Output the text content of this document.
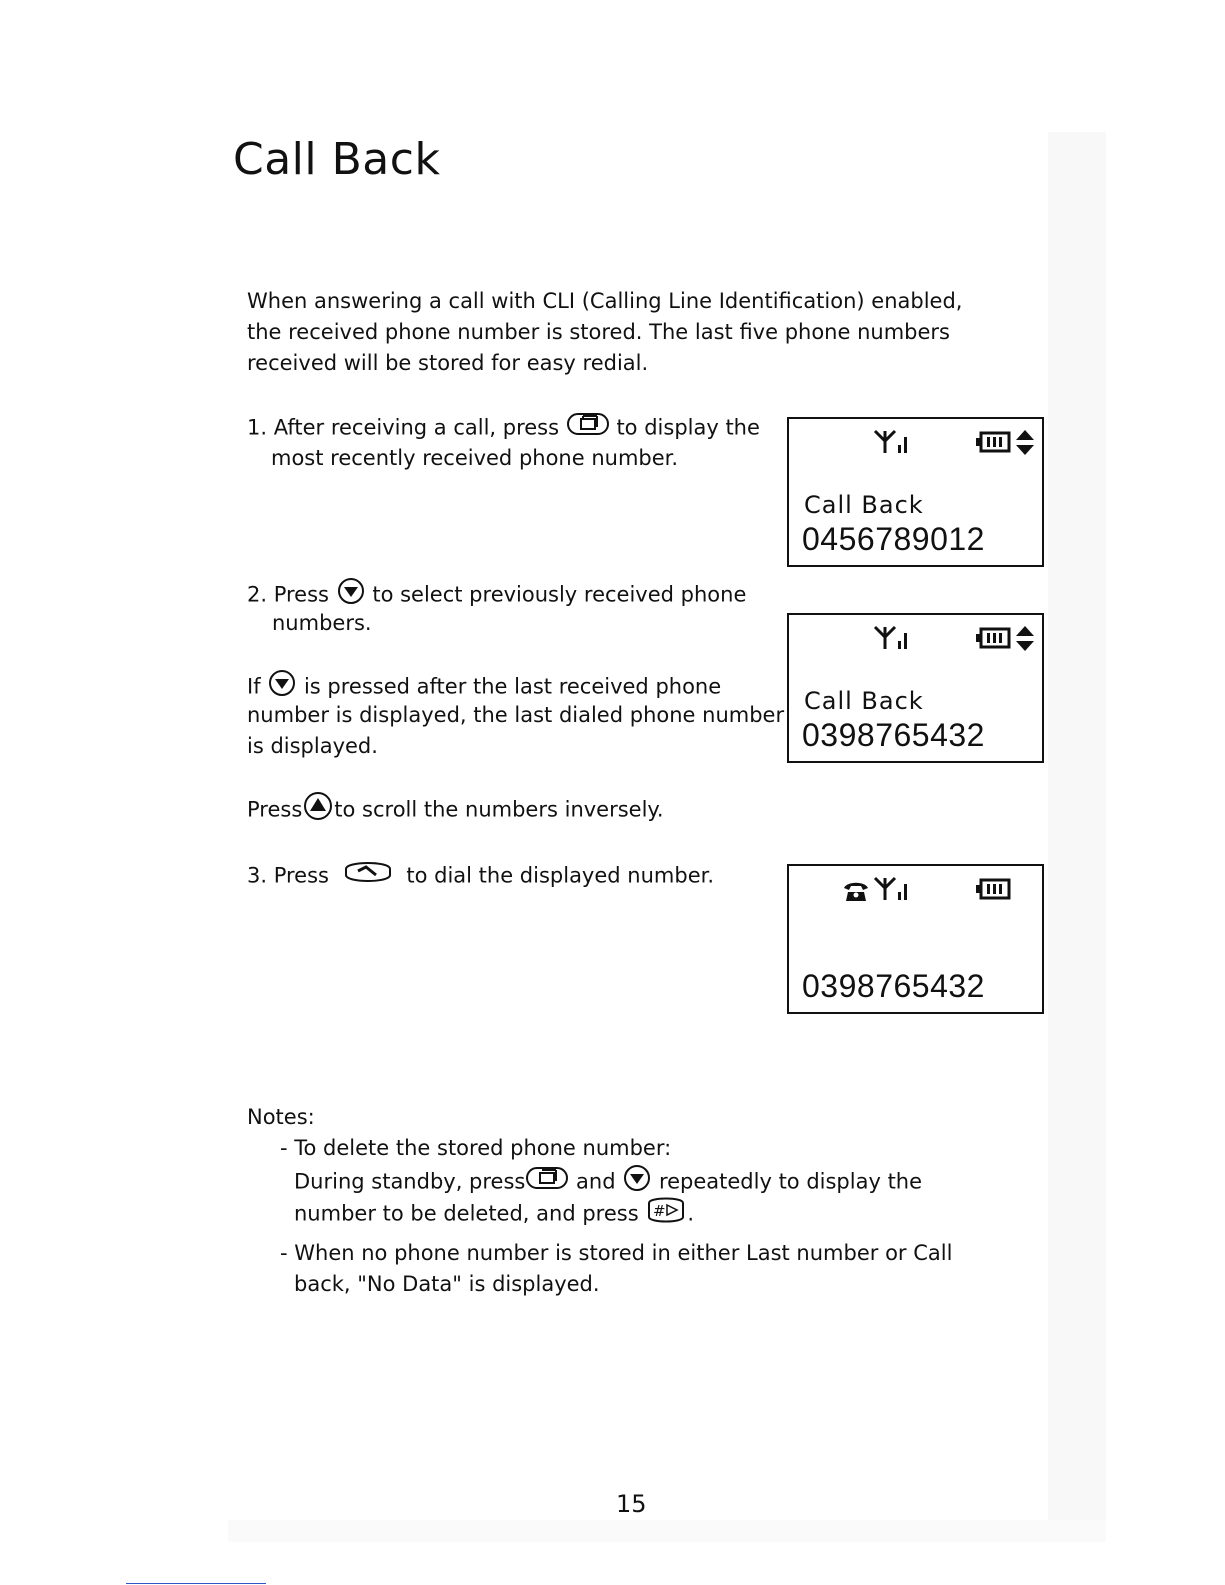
Call Back
When answering a call with CLI (Calling Line Identification) enabled,
the received phone number is stored. The last five phone numbers
received will be stored for easy redial.
1. After receiving a call, press	to display the
most recently received phone number.
2. Press to select previously received phone
numbers.
If is pressed after the last received phone
number is displayed, the last dialed phone number
is displayed.
Press to scroll the numbers inversely.
3. Press	to dial the displayed number.
Notes:
- To delete the stored phone number:
During standby, press and repeatedly to display the
number to be deleted, and press # .
- When no phone number is stored in either Last number or Call
back, "No Data" is displayed.
Call Back
0456789012
Call Back
0398765432
0398765432
15
